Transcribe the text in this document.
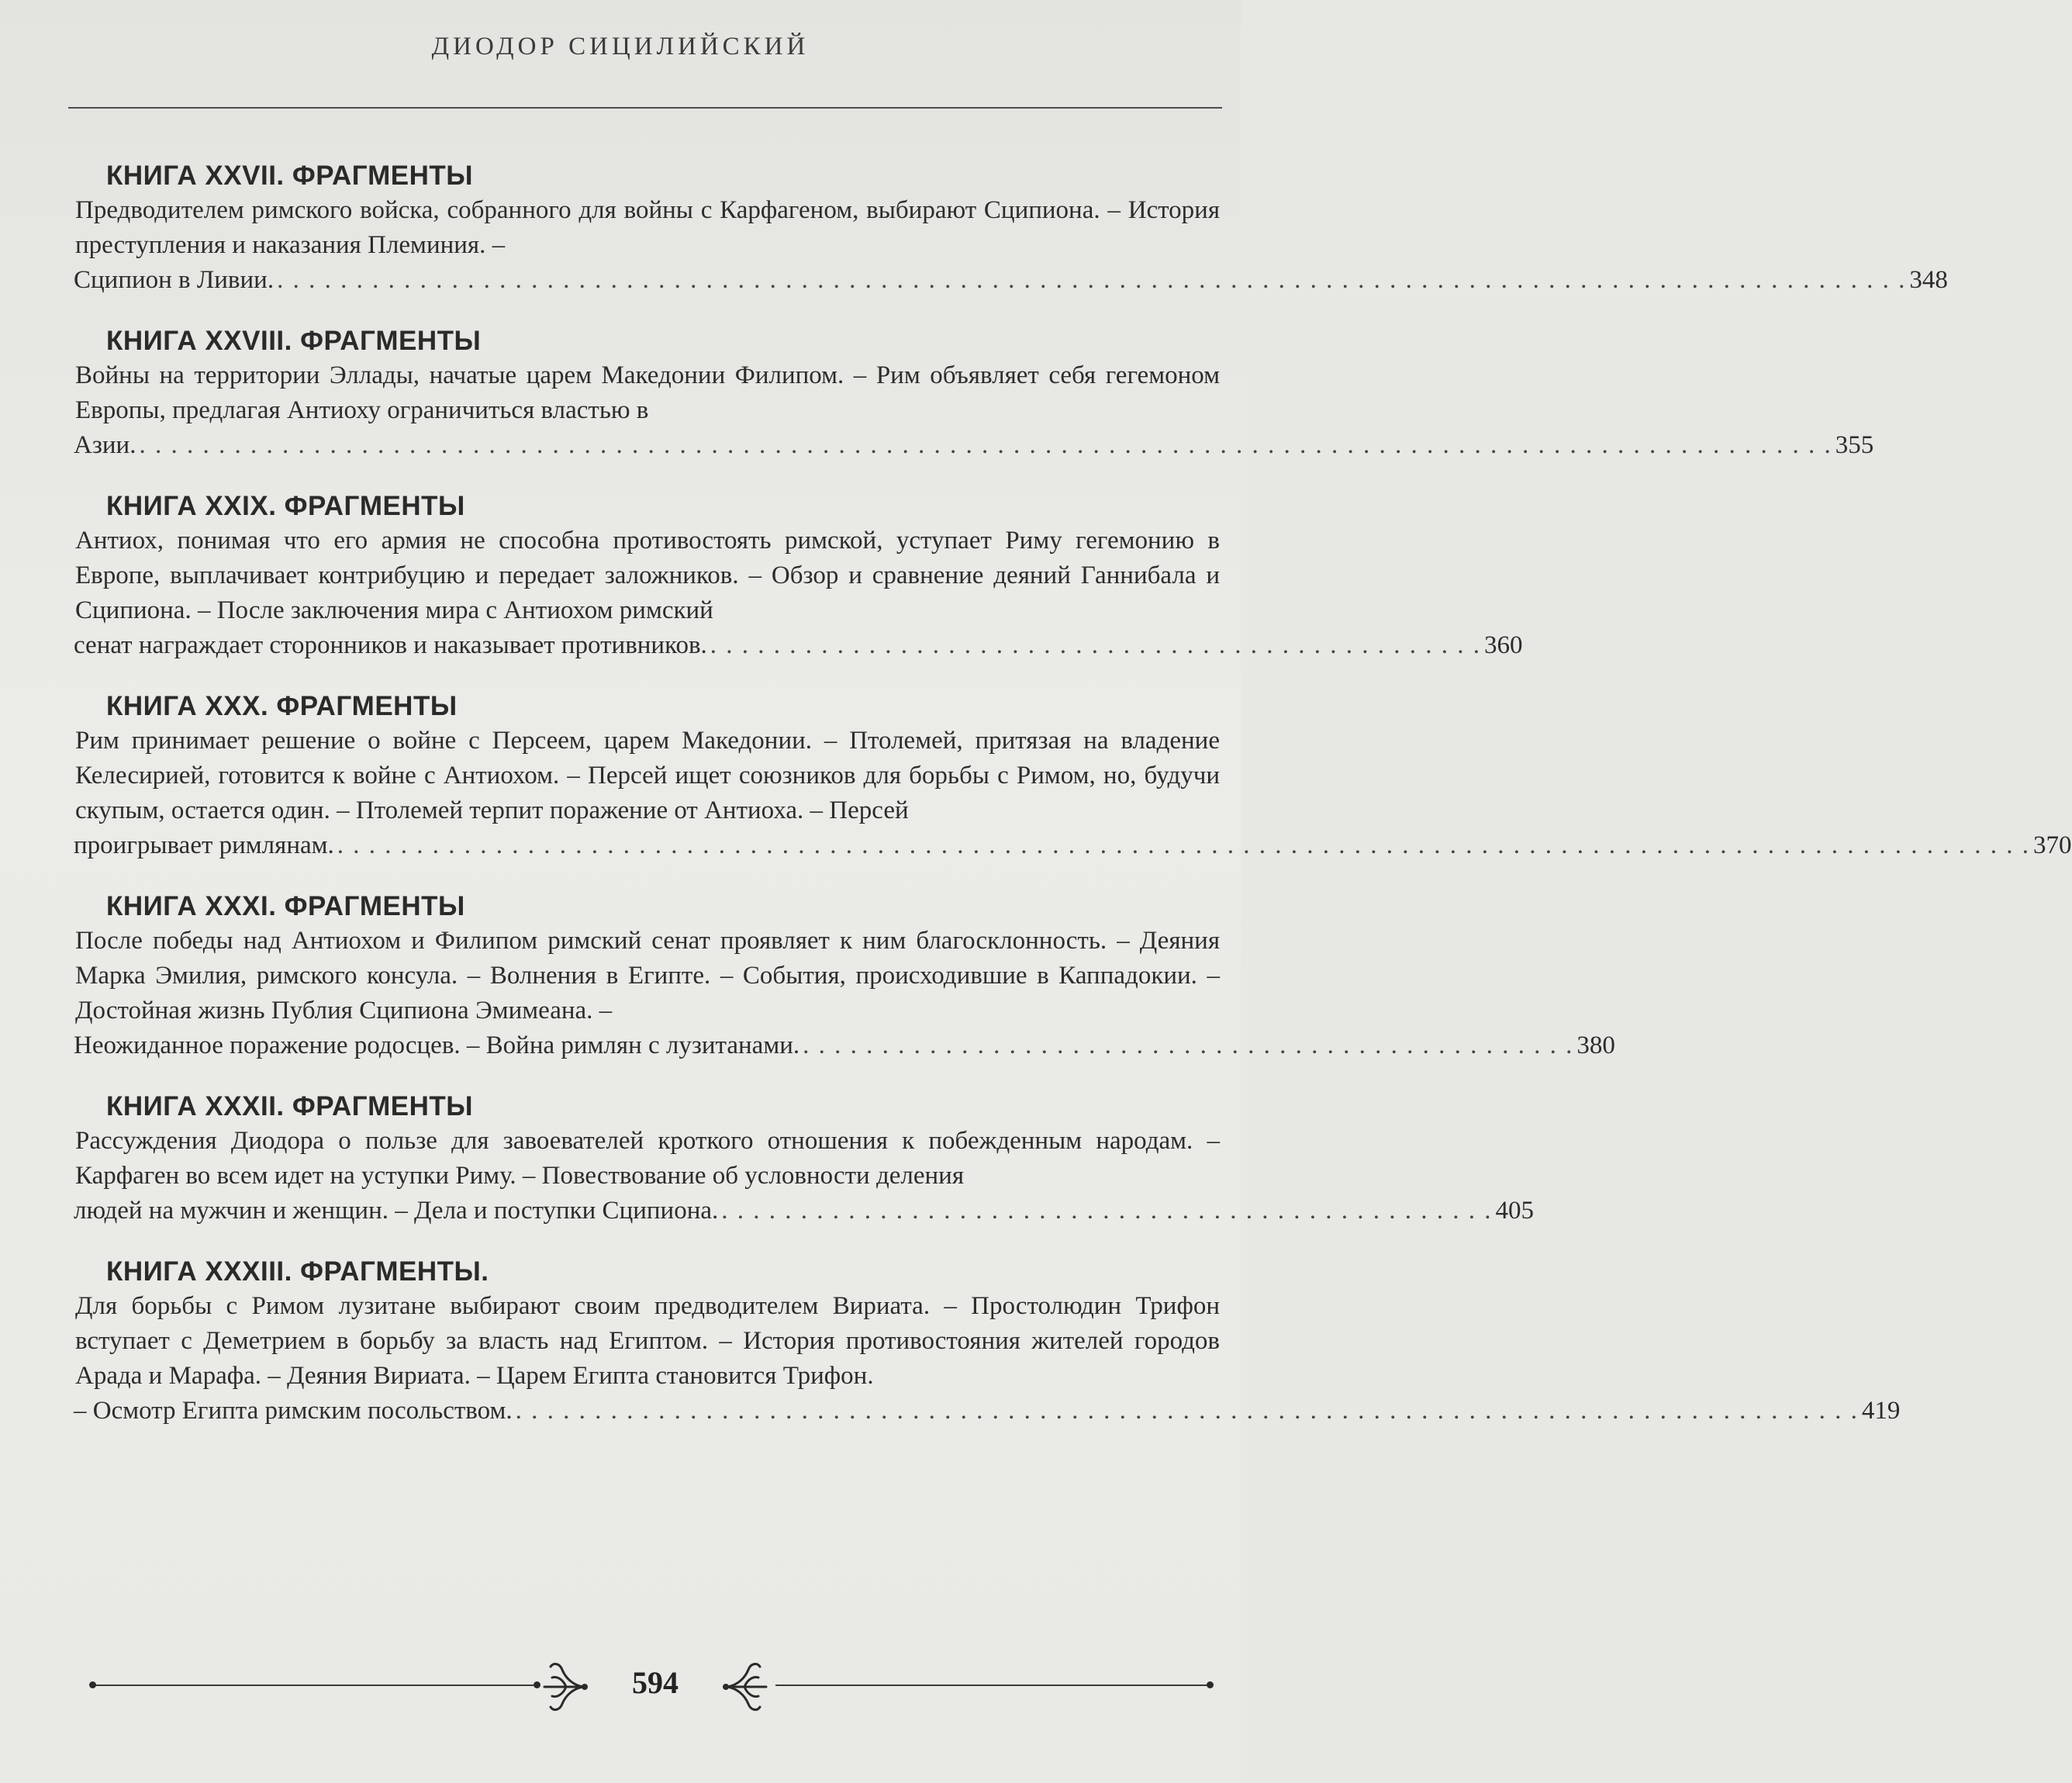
ДИОДОР СИЦИЛИЙСКИЙ
КНИГА XXVII. ФРАГМЕНТЫ
Предводителем римского войска, собранного для войны с Карфагеном, выбирают Сципиона. – История преступления и наказания Племиния. –
Сципион в Ливии. . . . . . . . . . . . . . . . . . . . . . . . . . . . . . . . . . . . . . . . . . . . . . . . . . . . . . . . . . . . . . . . . . . . . . . . . . . . . . . . . . . . . . . . . . . . . . . . . . . . . . . . 348
КНИГА XXVIII. ФРАГМЕНТЫ
Войны на территории Эллады, начатые царем Македонии Филипом. – Рим объявляет себя гегемоном Европы, предлагая Антиоху ограничиться властью в
Азии. . . . . . . . . . . . . . . . . . . . . . . . . . . . . . . . . . . . . . . . . . . . . . . . . . . . . . . . . . . . . . . . . . . . . . . . . . . . . . . . . . . . . . . . . . . . . . . . . . . . . . . . . . . . 355
КНИГА XXIX. ФРАГМЕНТЫ
Антиох, понимая что его армия не способна противостоять римской, уступает Риму гегемонию в Европе, выплачивает контрибуцию и передает заложников. – Обзор и сравнение деяний Ганнибала и Сципиона. – После заключения мира с Антиохом римский
сенат награждает сторонников и наказывает противников. . . . . . . . . . . . . . . . . . . . . . . . . . . . . . . . . . . . . . . . . . . . . . . . . . 360
КНИГА XXX. ФРАГМЕНТЫ
Рим принимает решение о войне с Персеем, царем Македонии. – Птолемей, притязая на владение Келесирией, готовится к войне с Антиохом. – Персей ищет союзников для борьбы с Римом, но, будучи скупым, остается один. – Птолемей терпит поражение от Антиоха. – Персей
проигрывает римлянам. . . . . . . . . . . . . . . . . . . . . . . . . . . . . . . . . . . . . . . . . . . . . . . . . . . . . . . . . . . . . . . . . . . . . . . . . . . . . . . . . . . . . . . . . . . . . . . . . . . . . . . . . . . . 370
КНИГА XXXI. ФРАГМЕНТЫ
После победы над Антиохом и Филипом римский сенат проявляет к ним благосклонность. – Деяния Марка Эмилия, римского консула. – Волнения в Египте. – События, происходившие в Каппадокии. – Достойная жизнь Публия Сципиона Эмимеана. –
Неожиданное поражение родосцев. – Война римлян с лузитанами. . . . . . . . . . . . . . . . . . . . . . . . . . . . . . . . . . . . . . . . . . . . . . . . . . 380
КНИГА XXXII. ФРАГМЕНТЫ
Рассуждения Диодора о пользе для завоевателей кроткого отношения к побежденным народам. – Карфаген во всем идет на уступки Риму. – Повествование об условности деления
людей на мужчин и женщин. – Дела и поступки Сципиона. . . . . . . . . . . . . . . . . . . . . . . . . . . . . . . . . . . . . . . . . . . . . . . . . . 405
КНИГА XXXIII. ФРАГМЕНТЫ.
Для борьбы с Римом лузитане выбирают своим предводителем Вириата. – Простолюдин Трифон вступает с Деметрием в борьбу за власть над Египтом. – История противостояния жителей городов Арада и Марафа. – Деяния Вириата. – Царем Египта становится Трифон.
– Осмотр Египта римским посольством. . . . . . . . . . . . . . . . . . . . . . . . . . . . . . . . . . . . . . . . . . . . . . . . . . . . . . . . . . . . . . . . . . . . . . . . . . . . . . . . . . . . . . 419
594
